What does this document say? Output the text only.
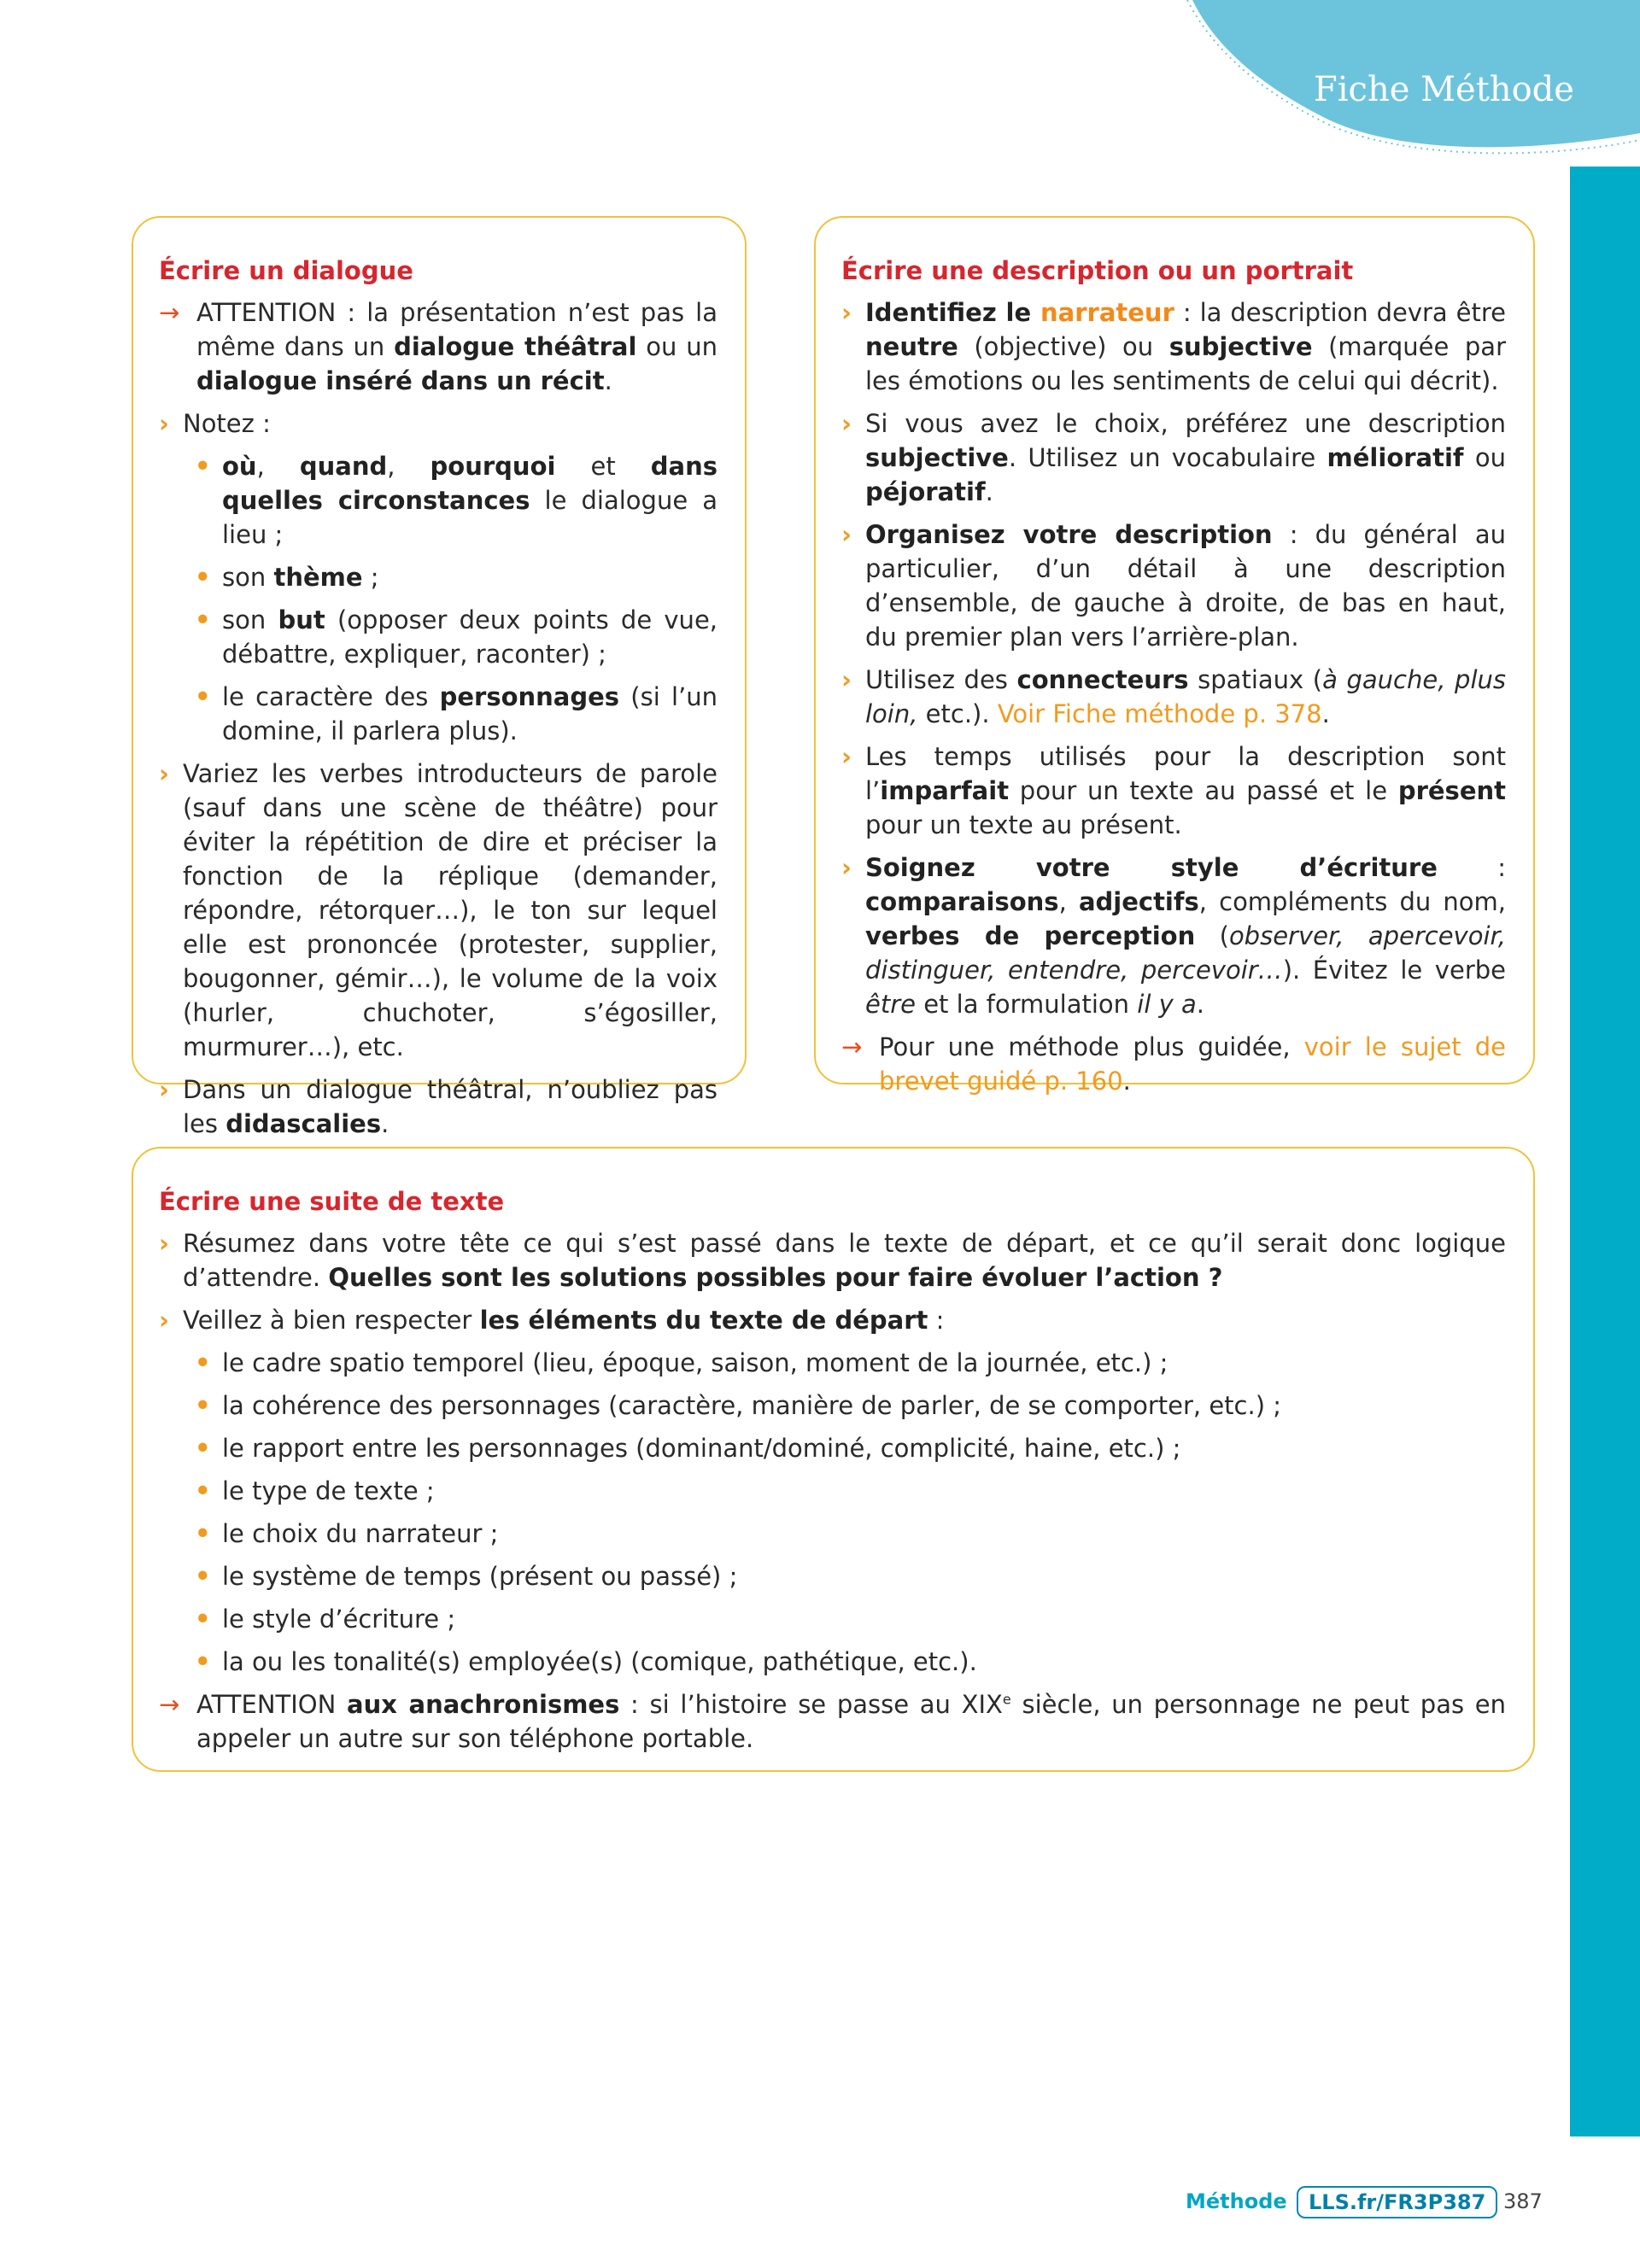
Fiche Méthode
Écrire un dialogue
→ ATTENTION : la présentation n’est pas la même dans un dialogue théâtral ou un dialogue inséré dans un récit.
› Notez :
• où, quand, pourquoi et dans quelles circonstances le dialogue a lieu ;
• son thème ;
• son but (opposer deux points de vue, débattre, expliquer, raconter) ;
• le caractère des personnages (si l’un domine, il parlera plus).
› Variez les verbes introducteurs de parole (sauf dans une scène de théâtre) pour éviter la répétition de dire et préciser la fonction de la réplique (demander, répondre, rétorquer…), le ton sur lequel elle est prononcée (protester, supplier, bougonner, gémir…), le volume de la voix (hurler, chuchoter, s’égosiller, murmurer…), etc.
› Dans un dialogue théâtral, n’oubliez pas les didascalies.
Écrire une description ou un portrait
› Identifiez le narrateur : la description devra être neutre (objective) ou subjective (marquée par les émotions ou les sentiments de celui qui décrit).
› Si vous avez le choix, préférez une description subjective. Utilisez un vocabulaire mélioratif ou péjoratif.
› Organisez votre description : du général au particulier, d’un détail à une description d’ensemble, de gauche à droite, de bas en haut, du premier plan vers l’arrière-plan.
› Utilisez des connecteurs spatiaux (à gauche, plus loin, etc.). Voir Fiche méthode p. 378.
› Les temps utilisés pour la description sont l’imparfait pour un texte au passé et le présent pour un texte au présent.
› Soignez votre style d’écriture : comparaisons, adjectifs, compléments du nom, verbes de perception (observer, apercevoir, distinguer, entendre, percevoir…). Évitez le verbe être et la formulation il y a.
→ Pour une méthode plus guidée, voir le sujet de brevet guidé p. 160.
Écrire une suite de texte
› Résumez dans votre tête ce qui s’est passé dans le texte de départ, et ce qu’il serait donc logique d’attendre. Quelles sont les solutions possibles pour faire évoluer l’action ?
› Veillez à bien respecter les éléments du texte de départ :
• le cadre spatio temporel (lieu, époque, saison, moment de la journée, etc.) ;
• la cohérence des personnages (caractère, manière de parler, de se comporter, etc.) ;
• le rapport entre les personnages (dominant/dominé, complicité, haine, etc.) ;
• le type de texte ;
• le choix du narrateur ;
• le système de temps (présent ou passé) ;
• le style d’écriture ;
• la ou les tonalité(s) employée(s) (comique, pathétique, etc.).
→ ATTENTION aux anachronismes : si l’histoire se passe au XIXe siècle, un personnage ne peut pas en appeler un autre sur son téléphone portable.
Méthode	LLS.fr/FR3P387 387
